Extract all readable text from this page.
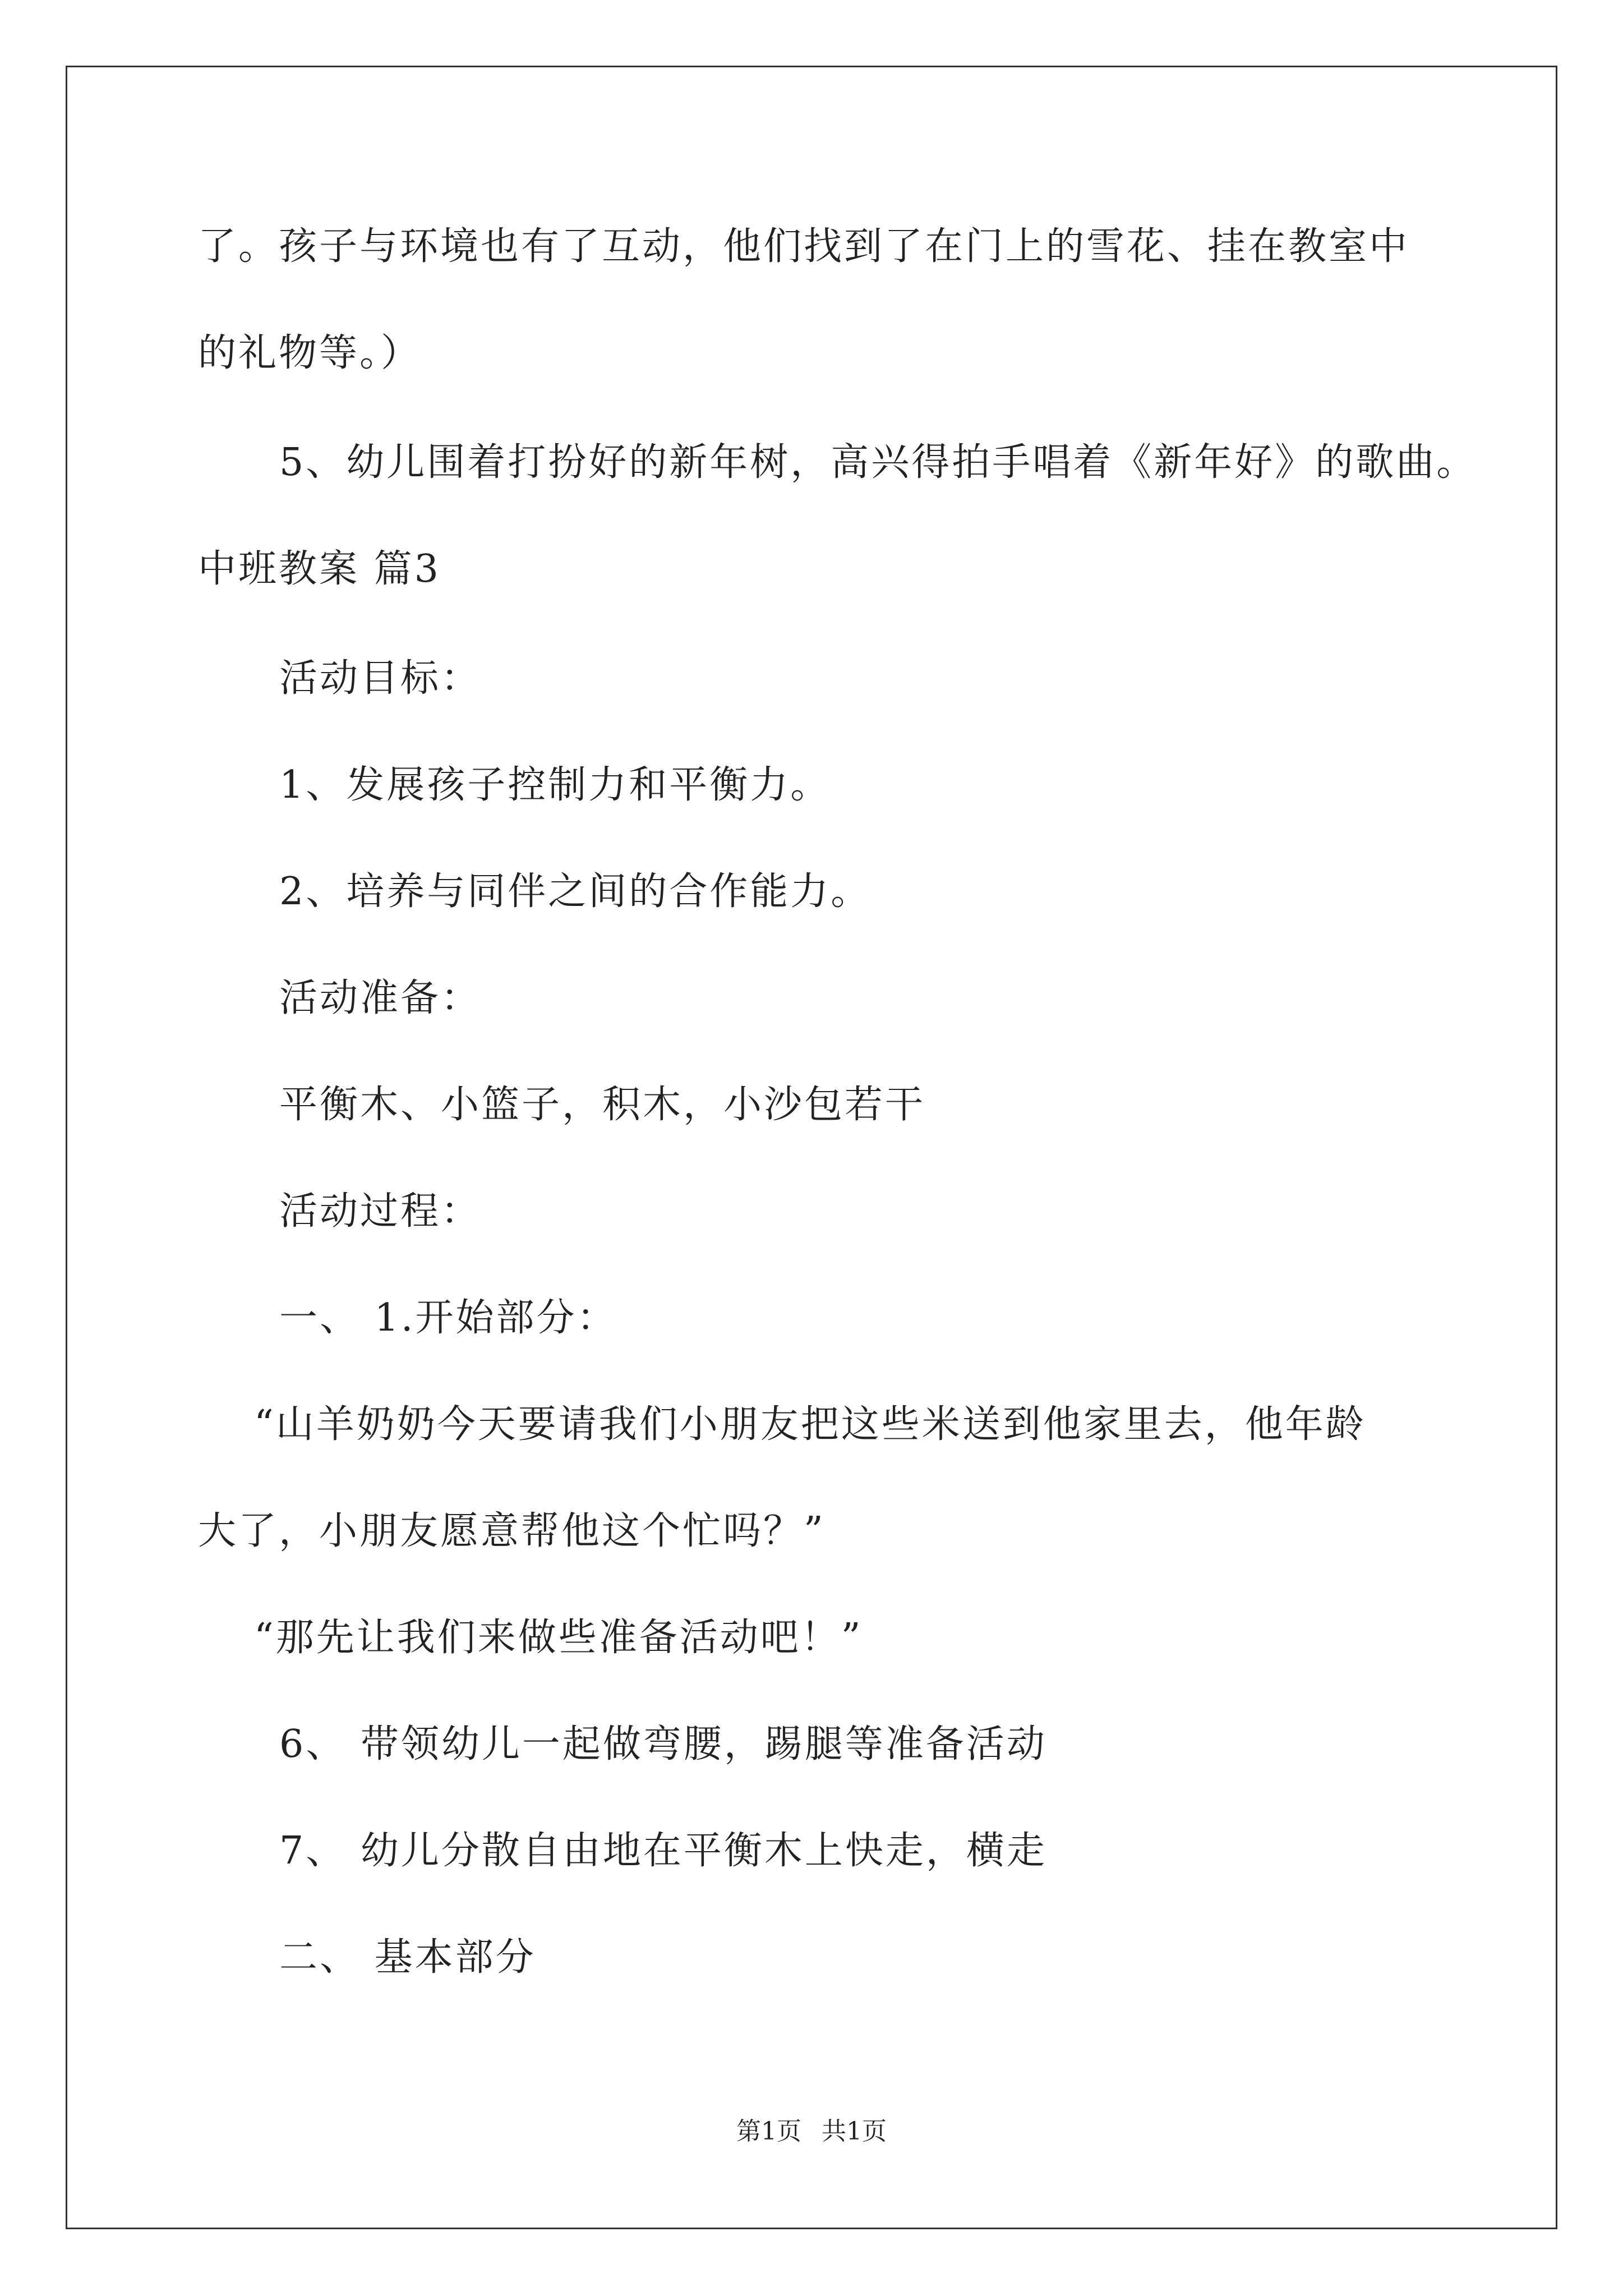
了。孩子与环境也有了互动，他们找到了在门上的雪花、挂在教室中
的礼物等。）
5、幼儿围着打扮好的新年树，高兴得拍手唱着《新年好》的歌曲。
中班教案 篇3
活动目标：
1、发展孩子控制力和平衡力。
2、培养与同伴之间的合作能力。
活动准备：
平衡木、小篮子，积木，小沙包若干
活动过程：
一、 1.开始部分：
“山羊奶奶今天要请我们小朋友把这些米送到他家里去，他年龄
大了，小朋友愿意帮他这个忙吗？”
“那先让我们来做些准备活动吧！”
6、 带领幼儿一起做弯腰，踢腿等准备活动
7、 幼儿分散自由地在平衡木上快走，横走
二、 基本部分
第1页 共1页
